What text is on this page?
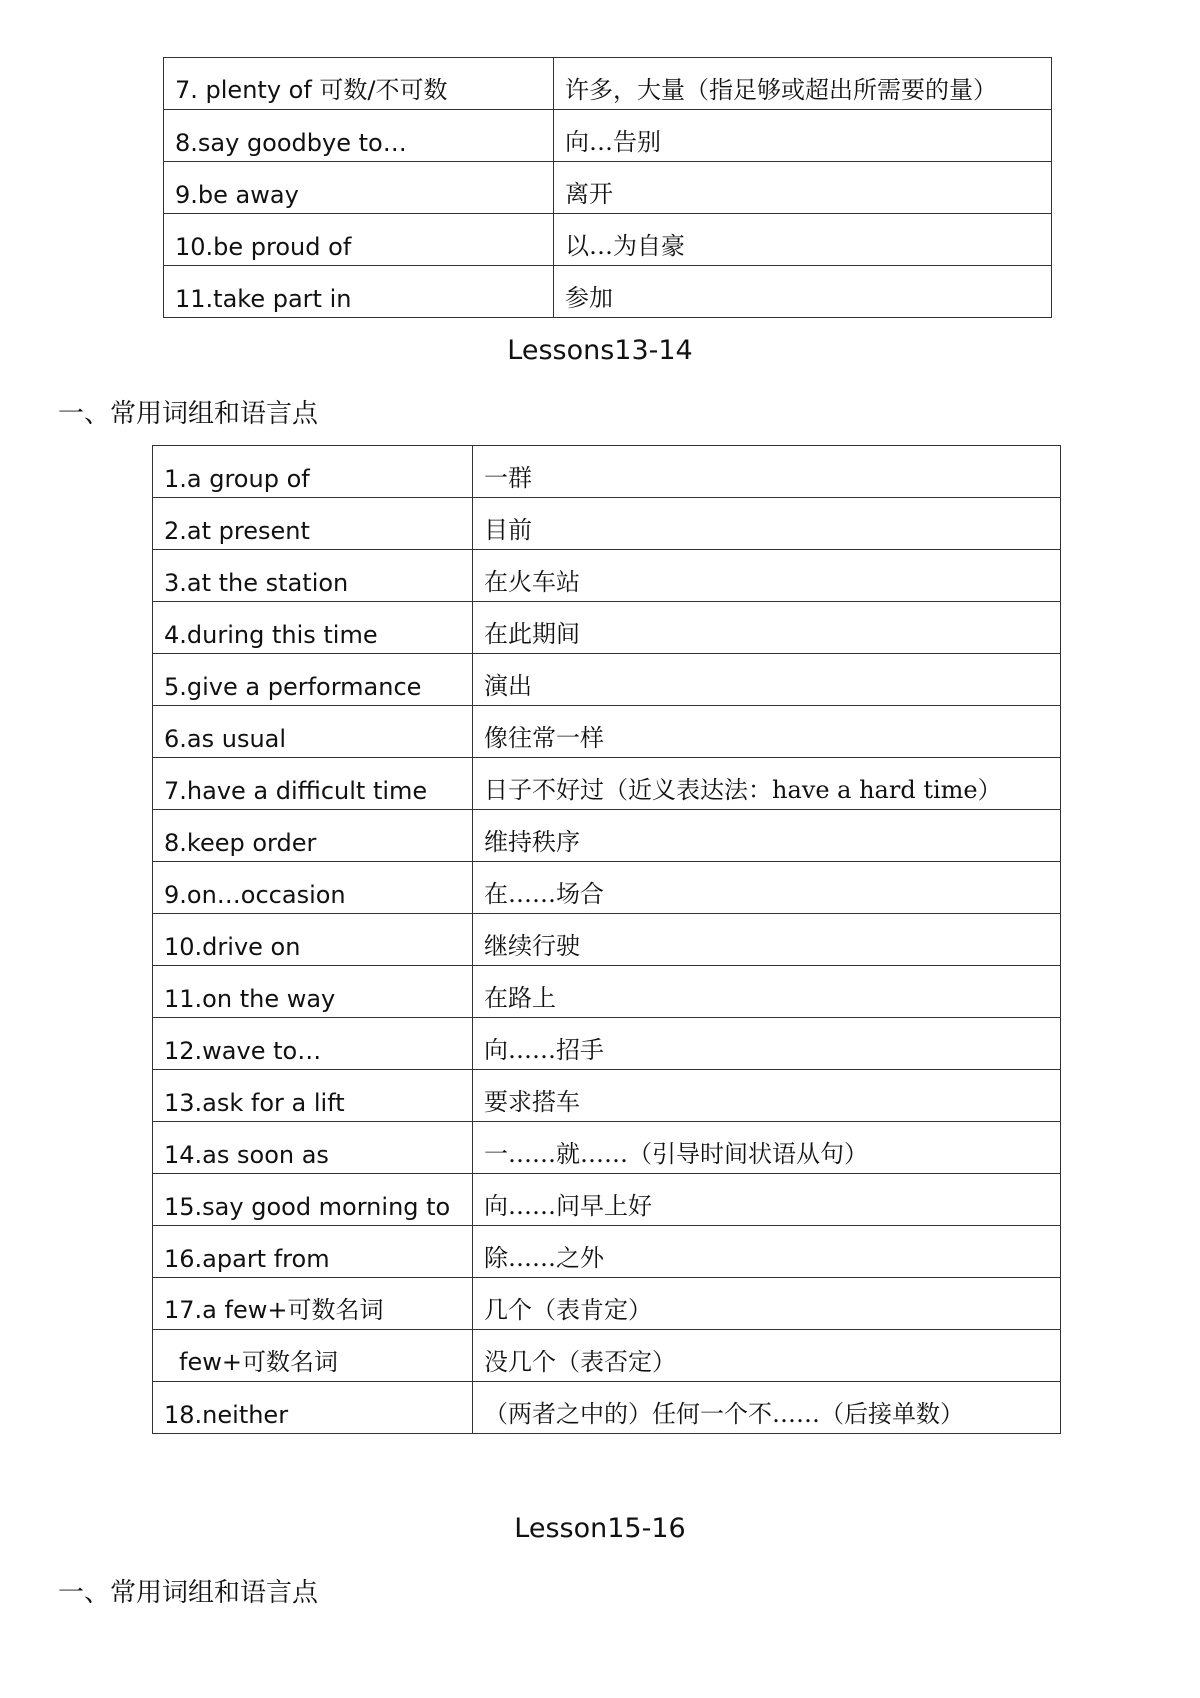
7. plenty of 可数/不可数	许多，大量（指足够或超出所需要的量）
8.say goodbye to…	向…告别
9.be away	离开
10.be proud of	以…为自豪
11.take part in	参加
Lessons13-14
一、常用词组和语言点
1.a group of	一群
2.at present	目前
3.at the station	在火车站
4.during this time	在此期间
5.give a performance	演出
6.as usual	像往常一样
7.have a difficult time	日子不好过（近义表达法：have a hard time）
8.keep order	维持秩序
9.on…occasion	在……场合
10.drive on	继续行驶
11.on the way	在路上
12.wave to…	向……招手
13.ask for a lift	要求搭车
14.as soon as	一……就……（引导时间状语从句）
15.say good morning to	向……问早上好
16.apart from	除……之外
17.a few+可数名词	几个（表肯定）
few+可数名词	没几个（表否定）
18.neither	（两者之中的）任何一个不……（后接单数）
Lesson15-16
一、常用词组和语言点
